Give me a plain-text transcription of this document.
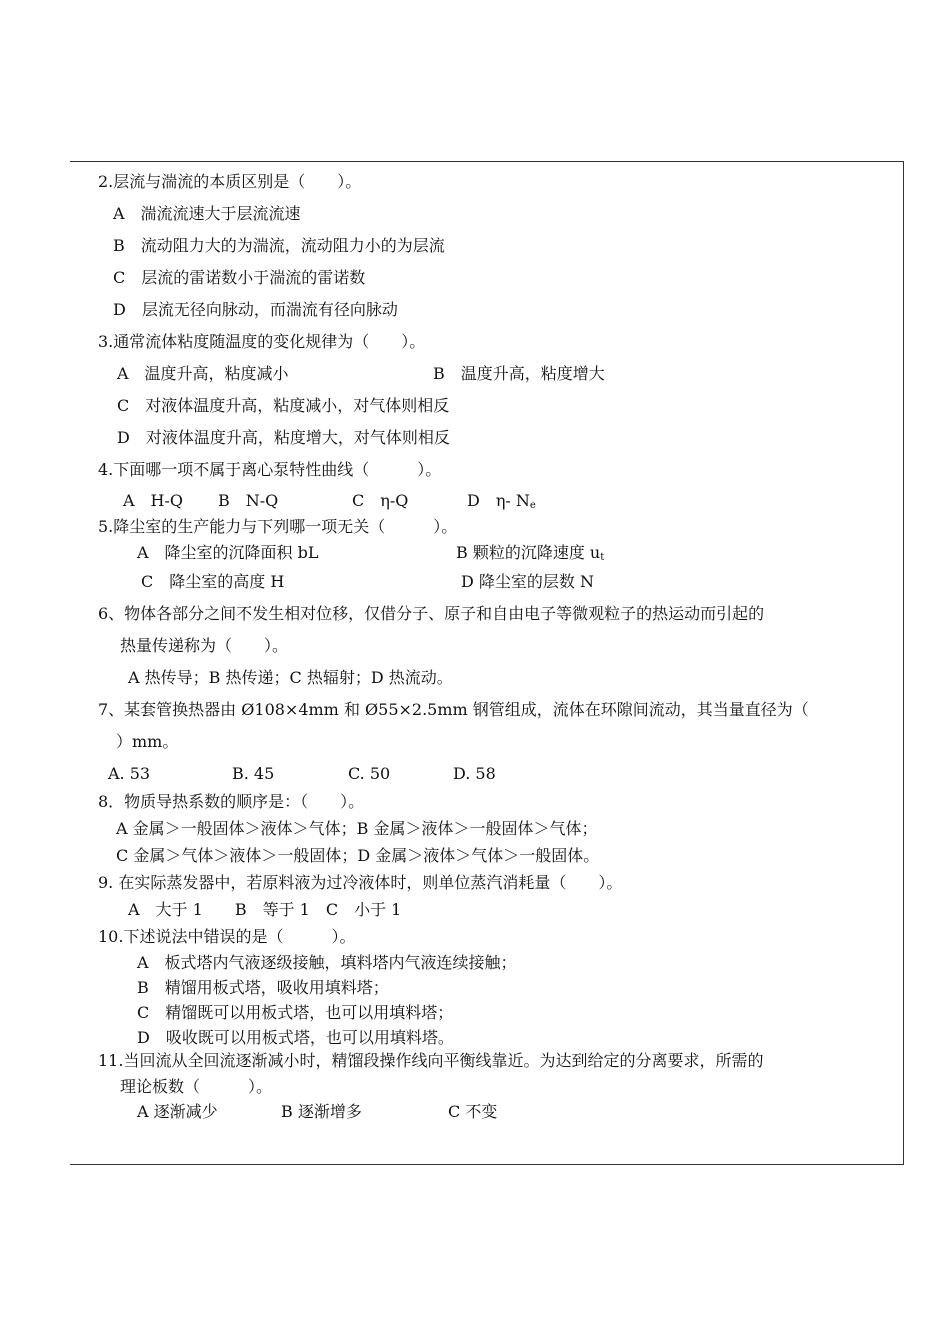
2.层流与湍流的本质区别是（　　）。
A　湍流流速大于层流流速
B　流动阻力大的为湍流，流动阻力小的为层流
C　层流的雷诺数小于湍流的雷诺数
D　层流无径向脉动，而湍流有径向脉动
3.通常流体粘度随温度的变化规律为（　　）。
A　温度升高，粘度减小	B　温度升高，粘度增大
C　对液体温度升高，粘度减小，对气体则相反
D　对液体温度升高，粘度增大，对气体则相反
4.下面哪一项不属于离心泵特性曲线（　　　）。
A　H-Q B　N-Q	C　η-Q	D　η- $N_e$
5.降尘室的生产能力与下列哪一项无关（　　　）。
A　降尘室的沉降面积 bL	B 颗粒的沉降速度 $u_t$
C　降尘室的高度 H	D 降尘室的层数 N
6、物体各部分之间不发生相对位移，仅借分子、原子和自由电子等微观粒子的热运动而引起的
热量传递称为（　　）。
A 热传导；B 热传递；C 热辐射；D 热流动。
7、某套管换热器由 Ø108×4mm 和 Ø55×2.5mm 钢管组成，流体在环隙间流动，其当量直径为（
）mm。
A. 53	B. 45	C. 50	D. 58
8．物质导热系数的顺序是：（　　）。
A 金属＞一般固体＞液体＞气体；B 金属＞液体＞一般固体＞气体；
C 金属＞气体＞液体＞一般固体；D 金属＞液体＞气体＞一般固体。
9. 在实际蒸发器中，若原料液为过冷液体时，则单位蒸汽消耗量（　　）。
A　大于 1　　B　等于 1　C　小于 1
10.下述说法中错误的是（　　　）。
A　板式塔内气液逐级接触，填料塔内气液连续接触；
B　精馏用板式塔，吸收用填料塔；
C　精馏既可以用板式塔，也可以用填料塔；
D　吸收既可以用板式塔，也可以用填料塔。
11.当回流从全回流逐渐减小时，精馏段操作线向平衡线靠近。为达到给定的分离要求，所需的
理论板数（　　　）。
A 逐渐减少	B 逐渐增多	C 不变
